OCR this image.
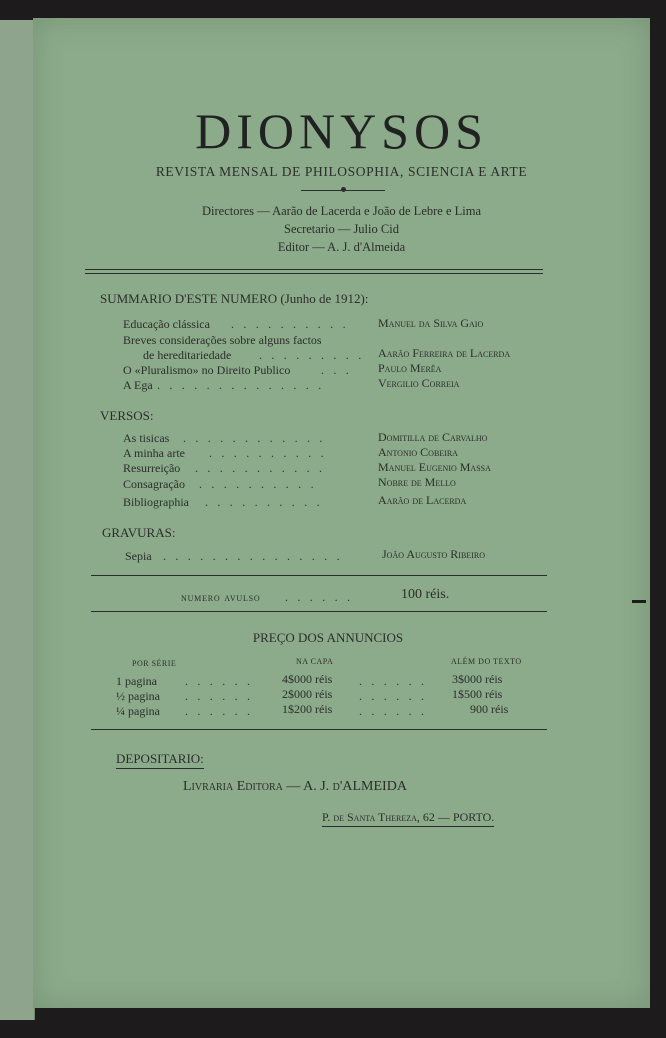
DIONYSOS
REVISTA MENSAL DE PHILOSOPHIA, SCIENCIA E ARTE
Directores — Aarão de Lacerda e João de Lebre e Lima
Secretario — Julio Cid
Editor — A. J. d'Almeida
SUMMARIO D'ESTE NUMERO (Junho de 1912):
Educação clássica . . . . . . . . . . Manuel da Silva Gaio
Breves considerações sobre alguns factos
de hereditariedade . . . . . . . . . Aarão Ferreira de Lacerda
O «Pluralismo» no Direito Publico	. . . Paulo Merêa
A Ega . . . . . . . . . . . . . .	Vergilio Correia
VERSOS:
As tisicas . . . . . . . . . . . .	Domitilla de Carvalho
A minha arte . . . . . . . . . .	Antonio Cobeira
Resurreição . . . . . . . . . . .	Manuel Eugenio Massa
Consagração . . . . . . . . . .	Nobre de Mello
Bibliographia . . . . . . . . . .	Aarão de Lacerda
GRAVURAS:
Sepia . . . . . . . . . . . . . . .	João Augusto Ribeiro
numero avulso . . . . . .	100 réis.
PREÇO DOS ANNUNCIOS
POR SÉRIE	NA CAPA	ALÉM DO TEXTO
1 pagina . . . . . . 4$000 réis . . . . . . 3$000 réis
½ pagina . . . . . . 2$000 réis . . . . . . 1$500 réis
¼ pagina . . . . . . 1$200 réis . . . . . .	900 réis
DEPOSITARIO:
Livraria Editora — A. J. d'ALMEIDA
P. de Santa Thereza, 62 — PORTO.
